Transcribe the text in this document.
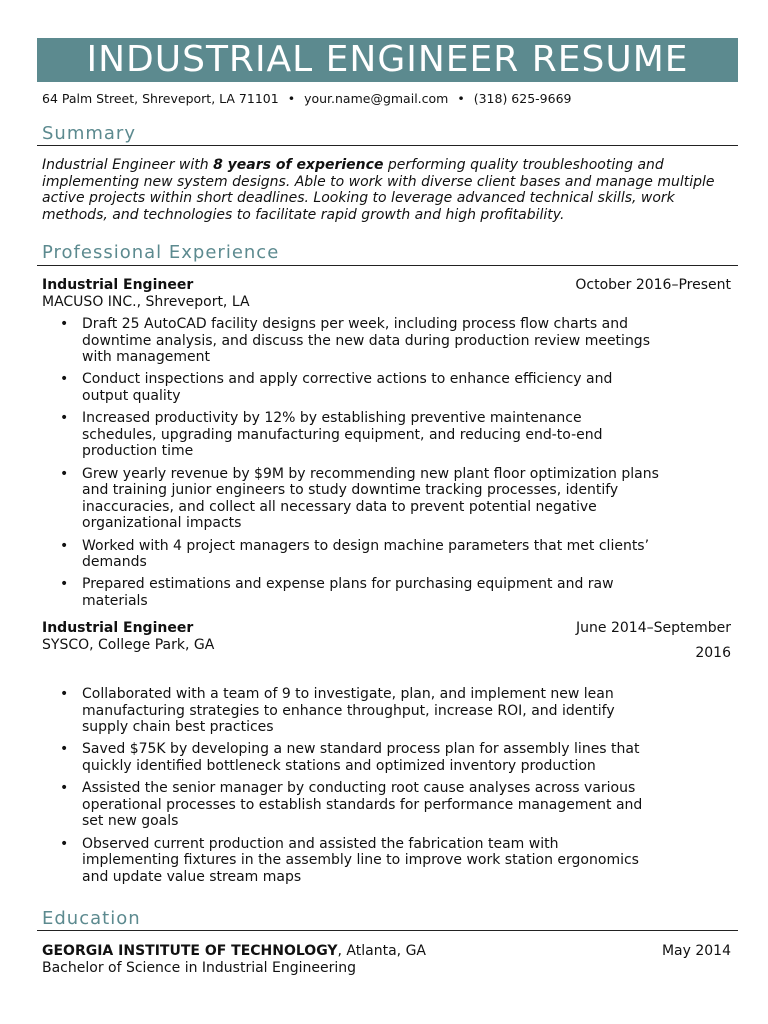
INDUSTRIAL ENGINEER RESUME
64 Palm Street, Shreveport, LA 71101 • your.name@gmail.com • (318) 625-9669
Summary
Industrial Engineer with 8 years of experience performing quality troubleshooting and implementing new system designs. Able to work with diverse client bases and manage multiple active projects within short deadlines. Looking to leverage advanced technical skills, work methods, and technologies to facilitate rapid growth and high profitability.
Professional Experience
Industrial Engineer	October 2016–Present
MACUSO INC., Shreveport, LA
• Draft 25 AutoCAD facility designs per week, including process flow charts and downtime analysis, and discuss the new data during production review meetings with management
• Conduct inspections and apply corrective actions to enhance efficiency and output quality
• Increased productivity by 12% by establishing preventive maintenance schedules, upgrading manufacturing equipment, and reducing end-to-end production time
• Grew yearly revenue by $9M by recommending new plant floor optimization plans and training junior engineers to study downtime tracking processes, identify inaccuracies, and collect all necessary data to prevent potential negative organizational impacts
• Worked with 4 project managers to design machine parameters that met clients’ demands
• Prepared estimations and expense plans for purchasing equipment and raw materials
Industrial Engineer	June 2014–September
2016
SYSCO, College Park, GA
• Collaborated with a team of 9 to investigate, plan, and implement new lean manufacturing strategies to enhance throughput, increase ROI, and identify supply chain best practices
• Saved $75K by developing a new standard process plan for assembly lines that quickly identified bottleneck stations and optimized inventory production
• Assisted the senior manager by conducting root cause analyses across various operational processes to establish standards for performance management and set new goals
• Observed current production and assisted the fabrication team with implementing fixtures in the assembly line to improve work station ergonomics and update value stream maps
Education
GEORGIA INSTITUTE OF TECHNOLOGY, Atlanta, GA	May 2014
Bachelor of Science in Industrial Engineering
